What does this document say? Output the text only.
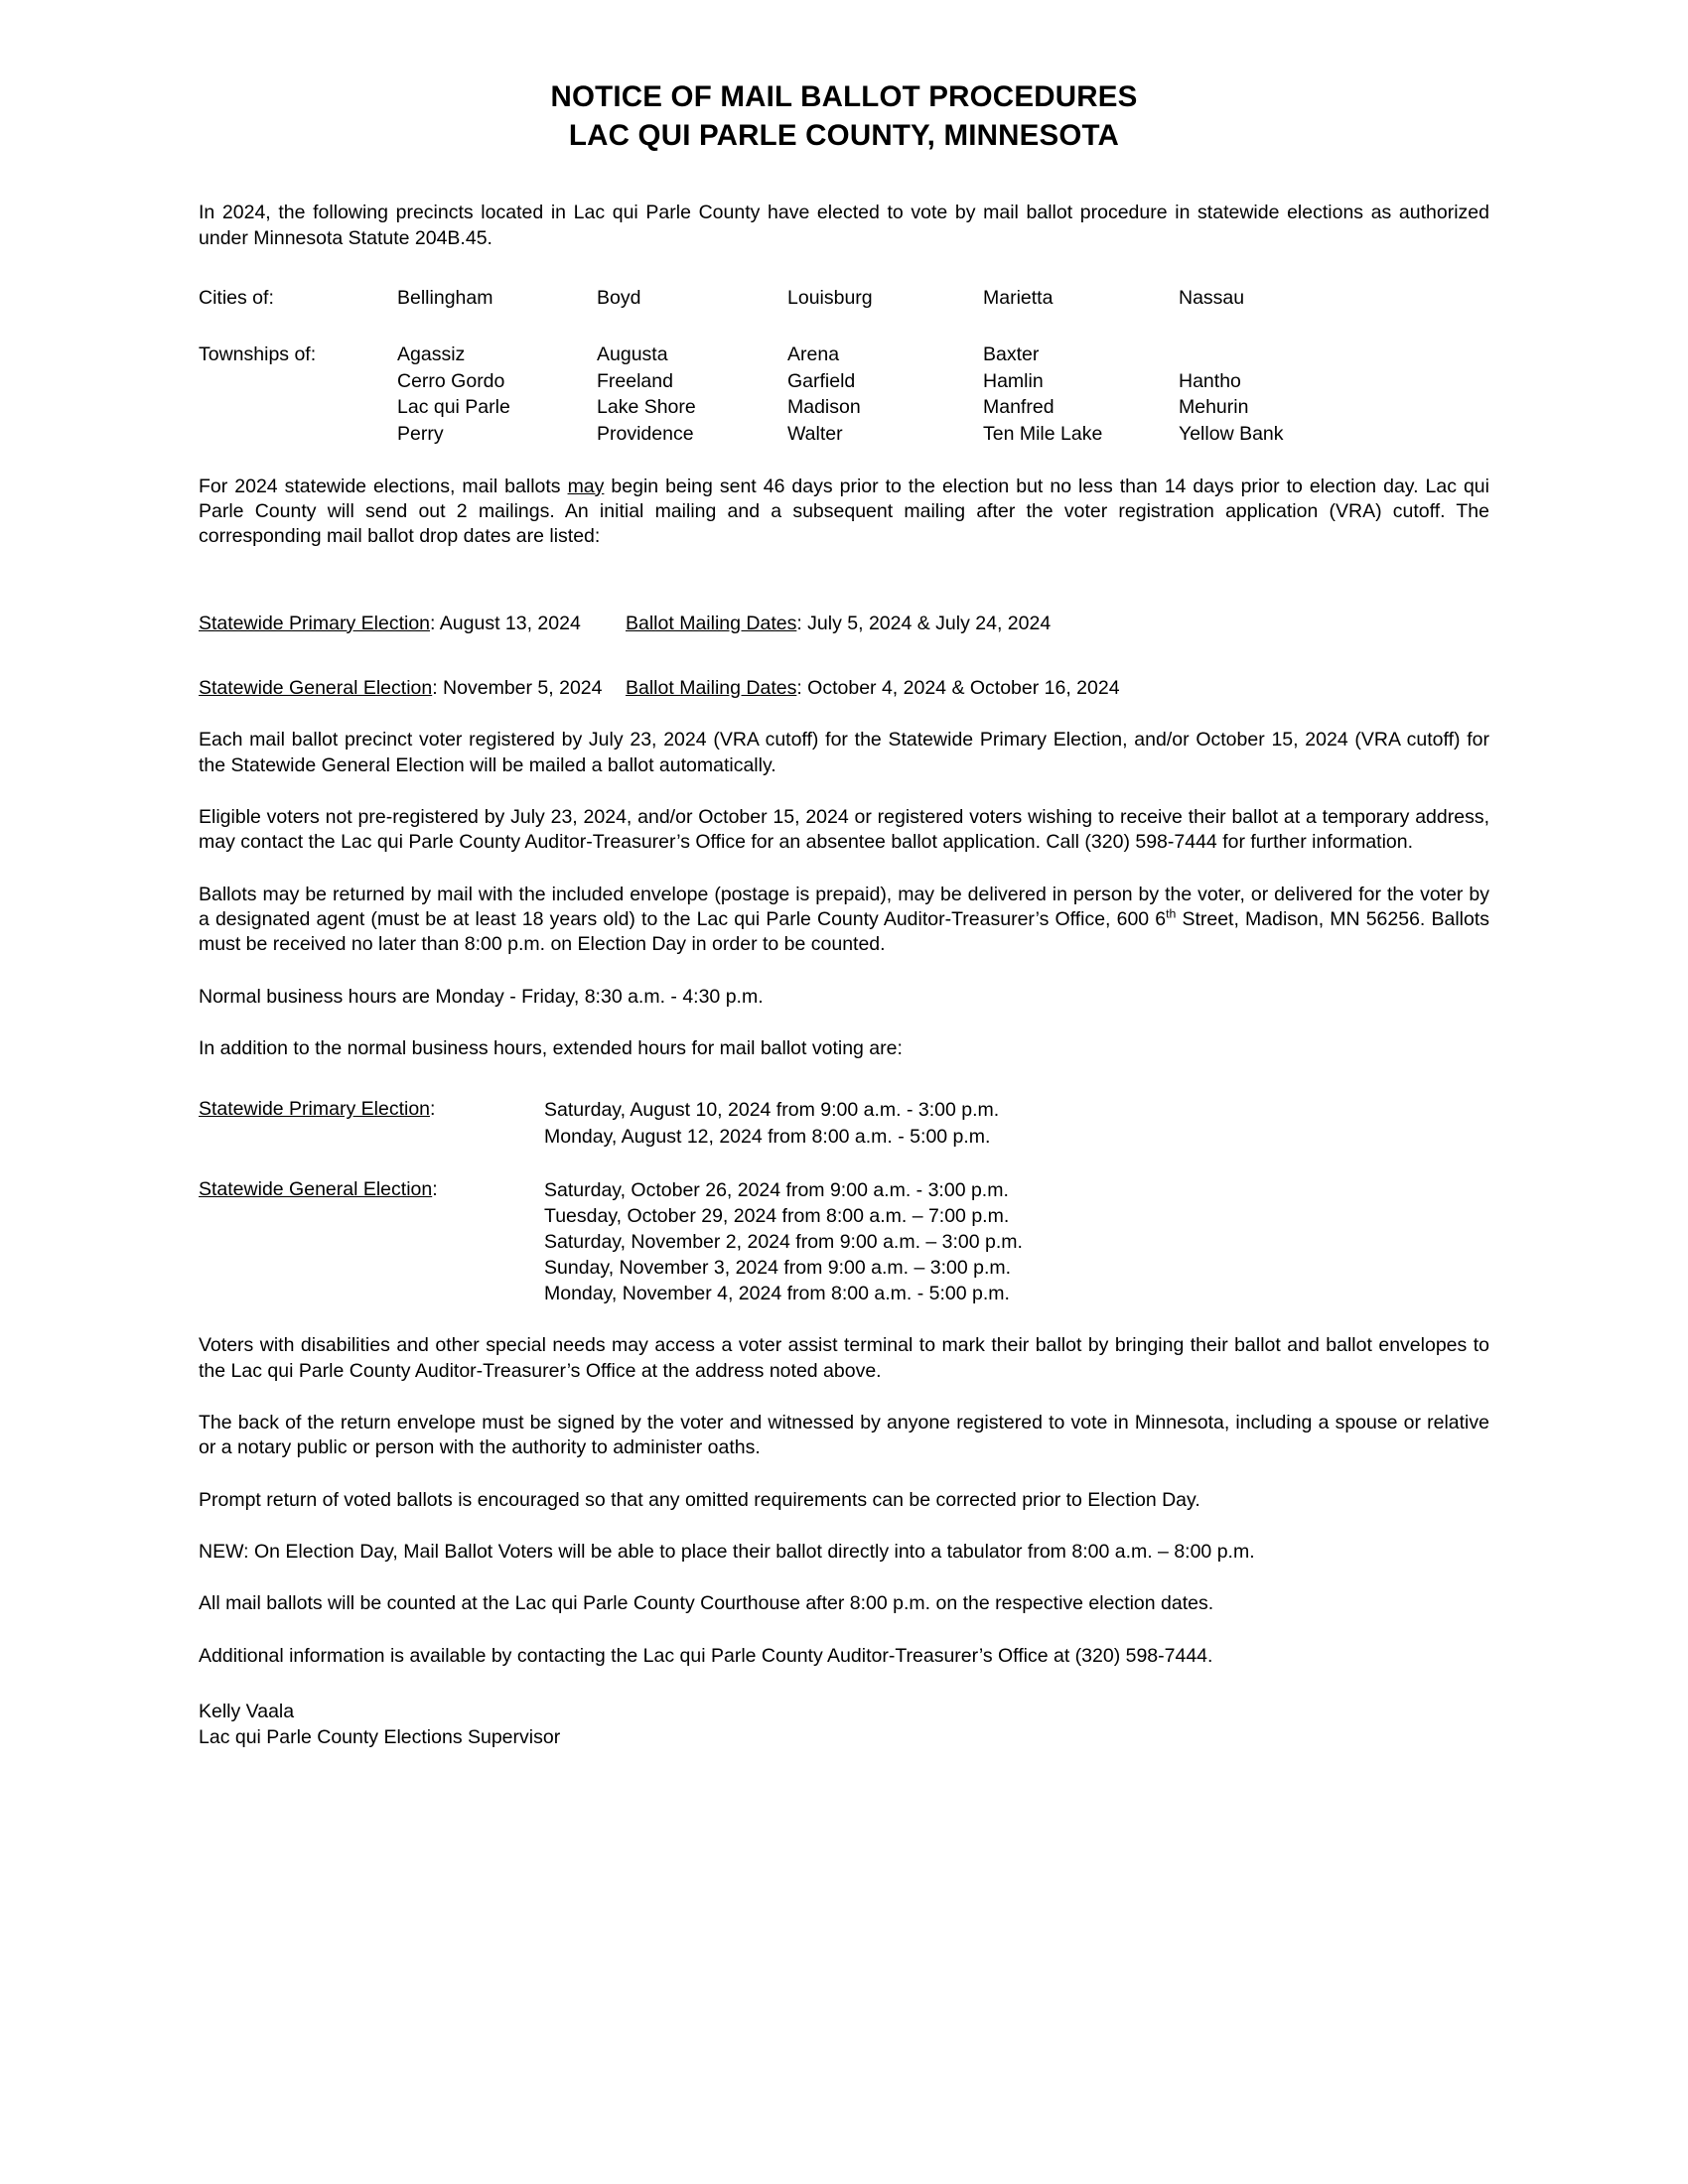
NOTICE OF MAIL BALLOT PROCEDURES
LAC QUI PARLE COUNTY, MINNESOTA
In 2024, the following precincts located in Lac qui Parle County have elected to vote by mail ballot procedure in statewide elections as authorized under Minnesota Statute 204B.45.
Cities of:	Bellingham	Boyd	Louisburg	Marietta	Nassau
Townships of:	Agassiz	Augusta	Arena	Baxter	
	Cerro Gordo	Freeland	Garfield	Hamlin	Hantho
	Lac qui Parle	Lake Shore	Madison	Manfred	Mehurin
	Perry	Providence	Walter	Ten Mile Lake	Yellow Bank
For 2024 statewide elections, mail ballots may begin being sent 46 days prior to the election but no less than 14 days prior to election day. Lac qui Parle County will send out 2 mailings. An initial mailing and a subsequent mailing after the voter registration application (VRA) cutoff. The corresponding mail ballot drop dates are listed:
Statewide Primary Election: August 13, 2024	Ballot Mailing Dates: July 5, 2024 & July 24, 2024
Statewide General Election: November 5, 2024	Ballot Mailing Dates: October 4, 2024 & October 16, 2024
Each mail ballot precinct voter registered by July 23, 2024 (VRA cutoff) for the Statewide Primary Election, and/or October 15, 2024 (VRA cutoff) for the Statewide General Election will be mailed a ballot automatically.
Eligible voters not pre-registered by July 23, 2024, and/or October 15, 2024 or registered voters wishing to receive their ballot at a temporary address, may contact the Lac qui Parle County Auditor-Treasurer’s Office for an absentee ballot application. Call (320) 598-7444 for further information.
Ballots may be returned by mail with the included envelope (postage is prepaid), may be delivered in person by the voter, or delivered for the voter by a designated agent (must be at least 18 years old) to the Lac qui Parle County Auditor-Treasurer’s Office, 600 6th Street, Madison, MN 56256. Ballots must be received no later than 8:00 p.m. on Election Day in order to be counted.
Normal business hours are Monday - Friday, 8:30 a.m. - 4:30 p.m.
In addition to the normal business hours, extended hours for mail ballot voting are:
Statewide Primary Election:	Saturday, August 10, 2024 from 9:00 a.m. - 3:00 p.m.
Monday, August 12, 2024 from 8:00 a.m. - 5:00 p.m.
Statewide General Election:	Saturday, October 26, 2024 from 9:00 a.m. - 3:00 p.m.
Tuesday, October 29, 2024 from 8:00 a.m. – 7:00 p.m.
Saturday, November 2, 2024 from 9:00 a.m. – 3:00 p.m.
Sunday, November 3, 2024 from 9:00 a.m. – 3:00 p.m.
Monday, November 4, 2024 from 8:00 a.m. - 5:00 p.m.
Voters with disabilities and other special needs may access a voter assist terminal to mark their ballot by bringing their ballot and ballot envelopes to the Lac qui Parle County Auditor-Treasurer’s Office at the address noted above.
The back of the return envelope must be signed by the voter and witnessed by anyone registered to vote in Minnesota, including a spouse or relative or a notary public or person with the authority to administer oaths.
Prompt return of voted ballots is encouraged so that any omitted requirements can be corrected prior to Election Day.
NEW: On Election Day, Mail Ballot Voters will be able to place their ballot directly into a tabulator from 8:00 a.m. – 8:00 p.m.
All mail ballots will be counted at the Lac qui Parle County Courthouse after 8:00 p.m. on the respective election dates.
Additional information is available by contacting the Lac qui Parle County Auditor-Treasurer’s Office at (320) 598-7444.
Kelly Vaala
Lac qui Parle County Elections Supervisor
